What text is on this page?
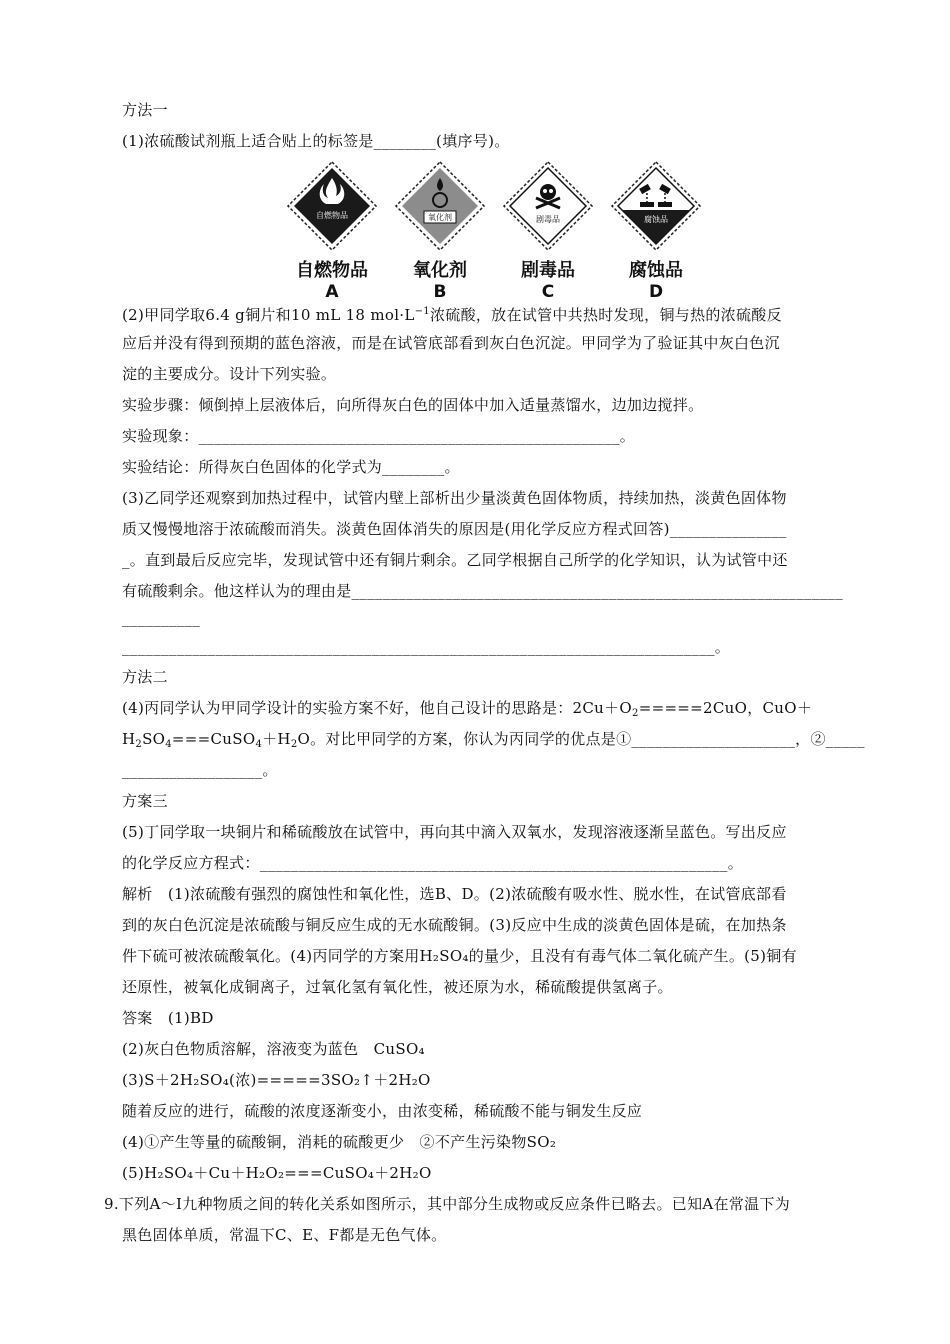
方法一
(1)浓硫酸试剂瓶上适合贴上的标签是________(填序号)。
自燃物品
自燃物品
A
氧化剂
氧化剂
B
剧毒品
剧毒品
C
腐蚀品
腐蚀品
D
(2)甲同学取6.4 g铜片和10 mL 18 $mol\cdot L^{-1}$浓硫酸，放在试管中共热时发现，铜与热的浓硫酸反
应后并没有得到预期的蓝色溶液，而是在试管底部看到灰白色沉淀。甲同学为了验证其中灰白色沉
淀的主要成分。设计下列实验。
实验步骤：倾倒掉上层液体后，向所得灰白色的固体中加入适量蒸馏水，边加边搅拌。
实验现象：______________________________________________________。
实验结论：所得灰白色固体的化学式为________。
(3)乙同学还观察到加热过程中，试管内壁上部析出少量淡黄色固体物质，持续加热，淡黄色固体物
质又慢慢地溶于浓硫酸而消失。淡黄色固体消失的原因是(用化学反应方程式回答)_______________
_。直到最后反应完毕，发现试管中还有铜片剩余。乙同学根据自己所学的化学知识，认为试管中还
有硫酸剩余。他这样认为的理由是_______________________________________________________________
__________
____________________________________________________________________________。
方法二
(4)丙同学认为甲同学设计的实验方案不好，他自己设计的思路是：$2Cu+O_2=====2CuO$，CuO＋
$H_2SO_4===CuSO_4+H_2O$。对比甲同学的方案，你认为丙同学的优点是①_____________________，②_____
__________________。
方案三
(5)丁同学取一块铜片和稀硫酸放在试管中，再向其中滴入双氧水，发现溶液逐渐呈蓝色。写出反应
的化学反应方程式：____________________________________________________________。
解析　(1)浓硫酸有强烈的腐蚀性和氧化性，选B、D。(2)浓硫酸有吸水性、脱水性，在试管底部看
到的灰白色沉淀是浓硫酸与铜反应生成的无水硫酸铜。(3)反应中生成的淡黄色固体是硫，在加热条
件下硫可被浓硫酸氧化。(4)丙同学的方案用H₂SO₄的量少，且没有有毒气体二氧化硫产生。(5)铜有
还原性，被氧化成铜离子，过氧化氢有氧化性，被还原为水，稀硫酸提供氢离子。
答案　(1)BD
(2)灰白色物质溶解，溶液变为蓝色　CuSO₄
(3)S＋2H₂SO₄(浓)=====3SO₂↑＋2H₂O
随着反应的进行，硫酸的浓度逐渐变小，由浓变稀，稀硫酸不能与铜发生反应
(4)①产生等量的硫酸铜，消耗的硫酸更少　②不产生污染物SO₂
(5)H₂SO₄＋Cu＋H₂O₂===CuSO₄＋2H₂O
9.下列A～I九种物质之间的转化关系如图所示，其中部分生成物或反应条件已略去。已知A在常温下为
黑色固体单质，常温下C、E、F都是无色气体。
